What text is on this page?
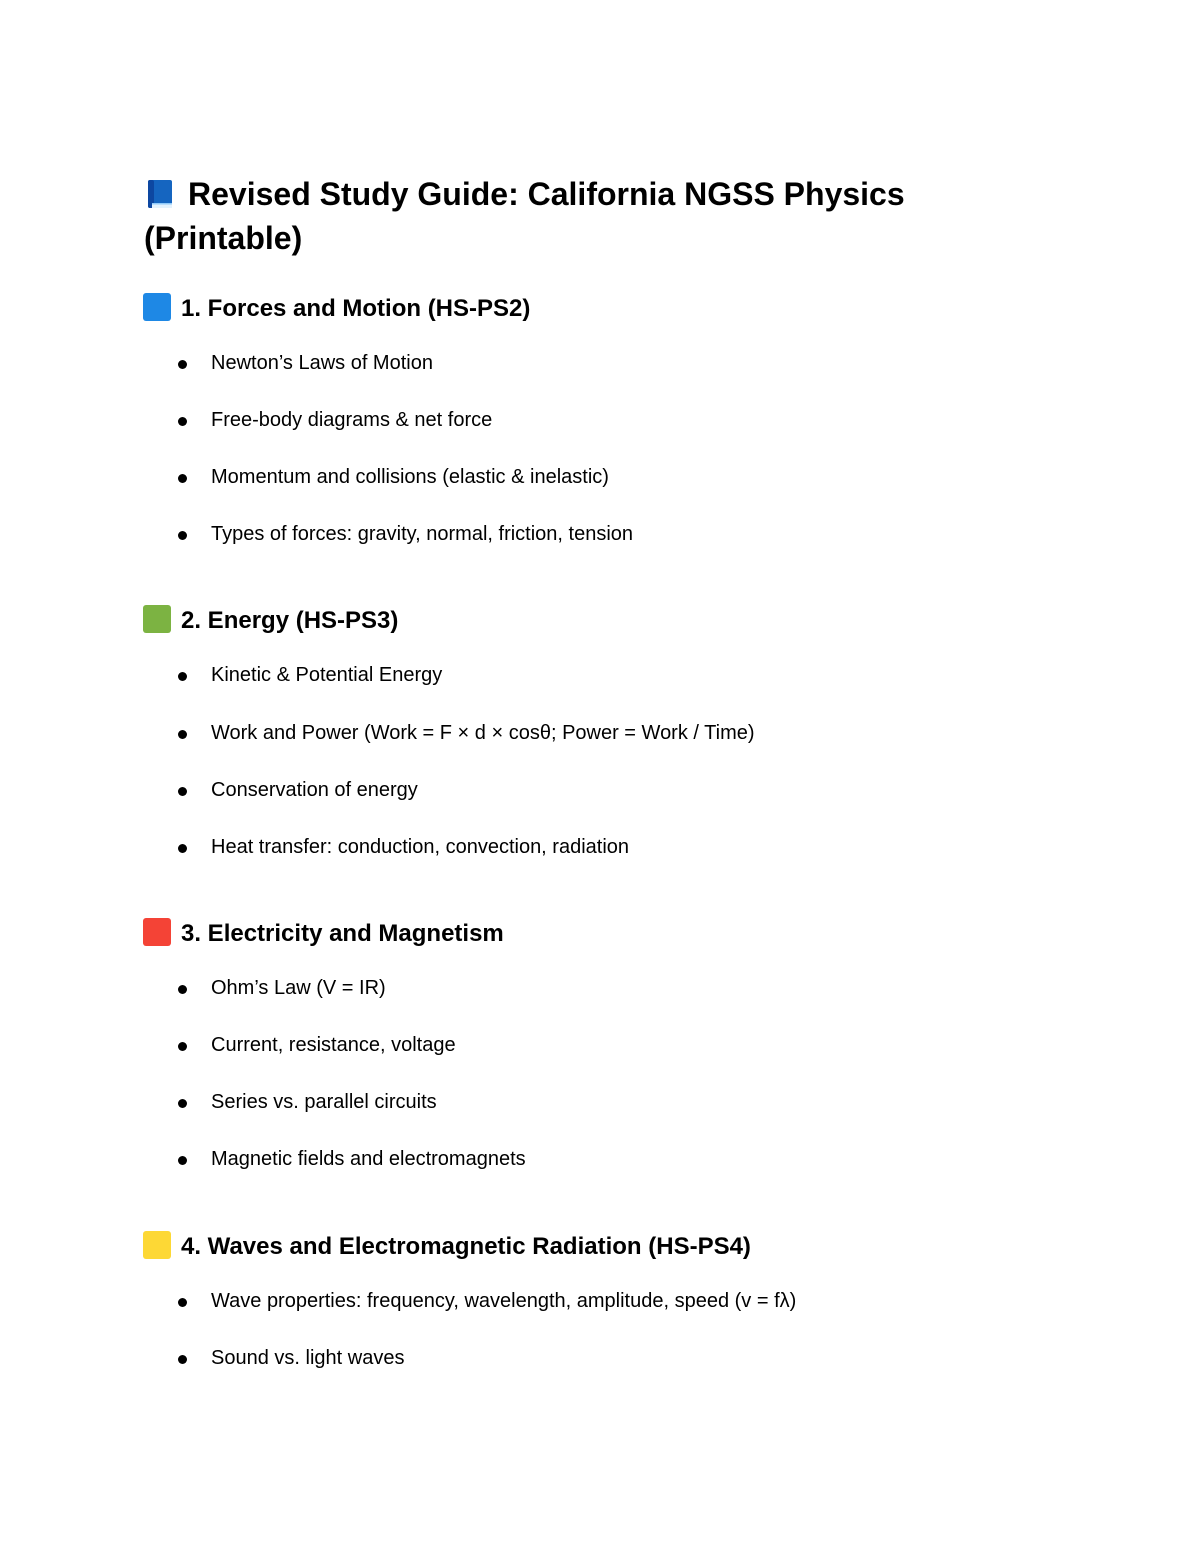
Revised Study Guide: California NGSS Physics (Printable)
1. Forces and Motion (HS-PS2)
Newton’s Laws of Motion
Free-body diagrams & net force
Momentum and collisions (elastic & inelastic)
Types of forces: gravity, normal, friction, tension
2. Energy (HS-PS3)
Kinetic & Potential Energy
Work and Power (Work = F × d × cosθ; Power = Work / Time)
Conservation of energy
Heat transfer: conduction, convection, radiation
3. Electricity and Magnetism
Ohm’s Law (V = IR)
Current, resistance, voltage
Series vs. parallel circuits
Magnetic fields and electromagnets
4. Waves and Electromagnetic Radiation (HS-PS4)
Wave properties: frequency, wavelength, amplitude, speed (v = fλ)
Sound vs. light waves
